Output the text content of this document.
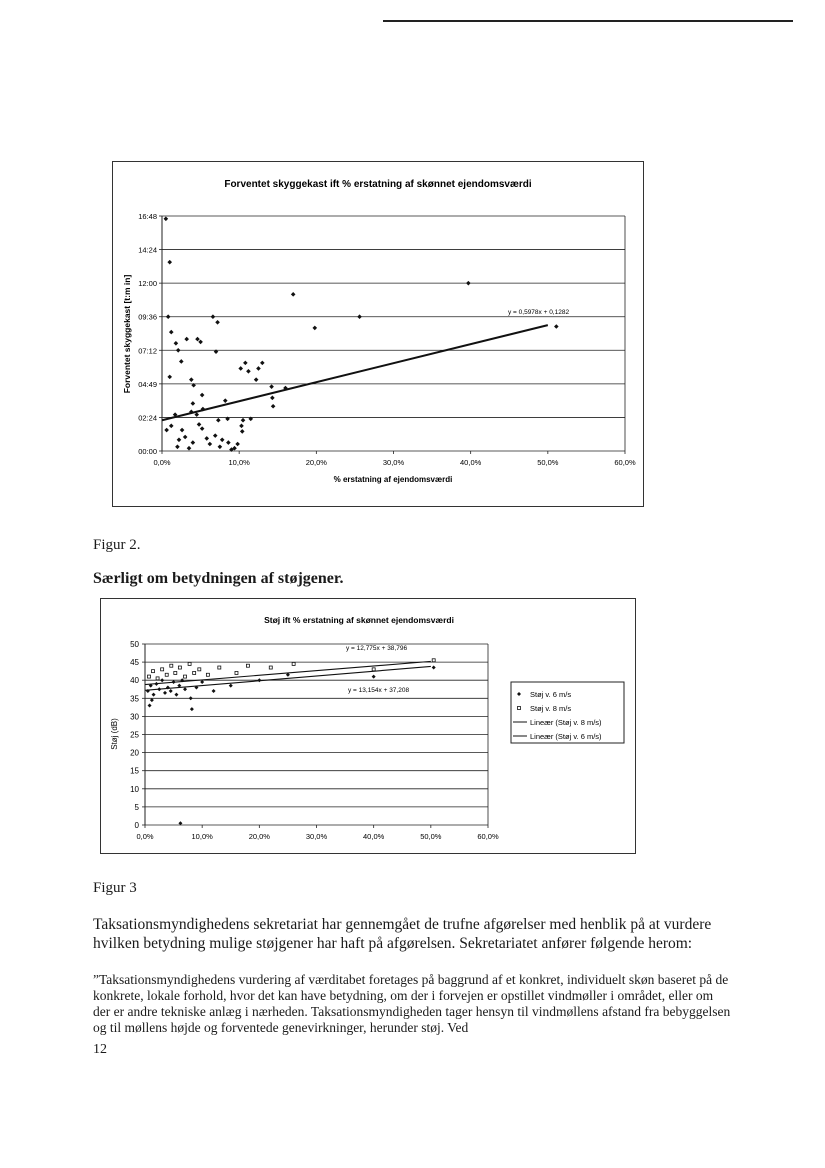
Forventet skyggekast ift % erstatning af skønnet ejendomsværdi
00:00
02:24
04:49
07:12
09:36
12:00
14:24
16:48
0,0%	10,0%	20,0%	30,0%	40,0%	50,0%	60,0%
% erstatning af ejendomsværdi
Forventet skyggekast [t:m in]	y = 0,5978x + 0,1282
Figur 2.
Særligt om betydningen af støjgener.
Støj ift % erstatning af skønnet ejendomsværdi
0
5
10
15
20
25
30
35
40
45
50
0,0%	10,0%	20,0%	30,0%	40,0%	50,0%	60,0%
Støj (dB)
y = 12,775x + 38,796
y = 13,154x + 37,208	Støj v. 6 m/s
Støj v. 8 m/s
Lineær (Støj v. 8 m/s)
Lineær (Støj v. 6 m/s)
Figur 3
Taksationsmyndighedens sekretariat har gennemgået de trufne afgørelser med henblik på at vurdere hvilken betydning mulige støjgener har haft på afgørelsen. Sekretariatet anfører følgende herom:
”Taksationsmyndighedens vurdering af værditabet foretages på baggrund af et konkret, individuelt skøn baseret på de konkrete, lokale forhold, hvor det kan have betydning, om der i forvejen er opstillet vindmøller i området, eller om der er andre tekniske anlæg i nærheden. Taksationsmyndigheden tager hensyn til vindmøllens afstand fra bebyggelsen og til møllens højde og forventede genevirkninger, herunder støj. Ved
12
